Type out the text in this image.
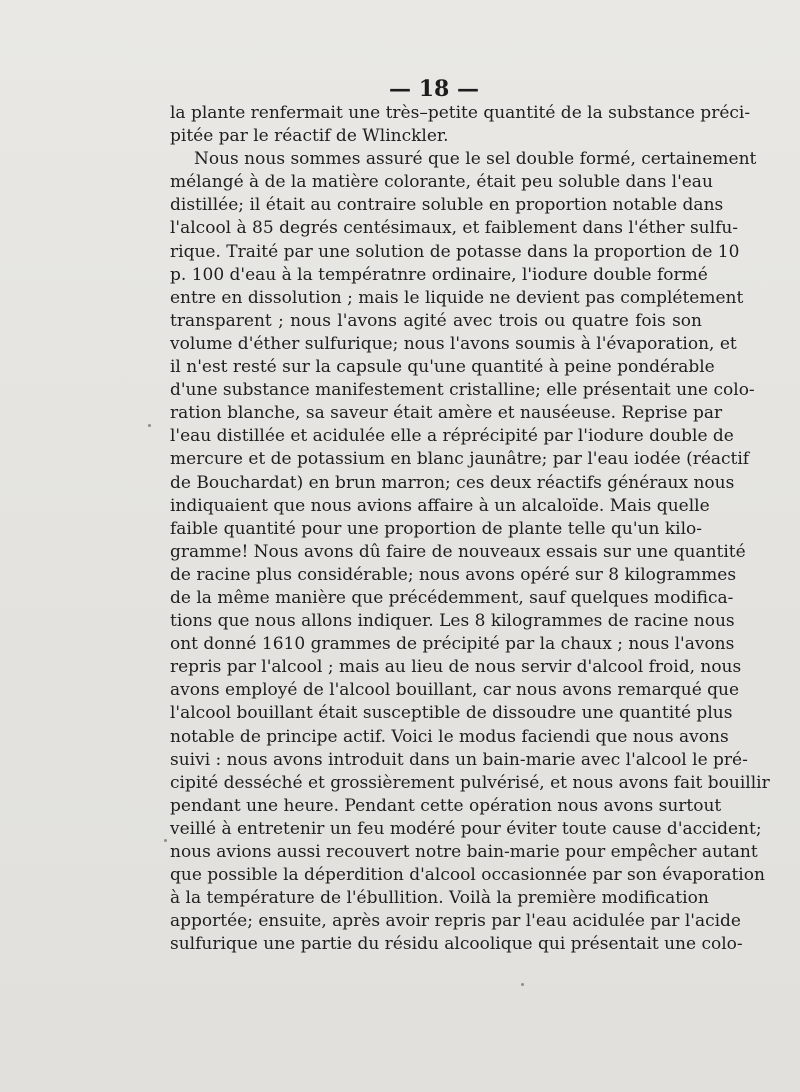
— 18 —
la plante renfermait une très–petite quantité de la substance préci-
pitée par le réactif de Wlinckler.
Nous nous sommes assuré que le sel double formé, certainement
mélangé à de la matière colorante, était peu soluble dans l'eau
distillée; il était au contraire soluble en proportion notable dans
l'alcool à 85 degrés centésimaux, et faiblement dans l'éther sulfu-
rique. Traité par une solution de potasse dans la proportion de 10
p. 100 d'eau à la températnre ordinaire, l'iodure double formé
entre en dissolution ; mais le liquide ne devient pas complétement
transparent ; nous l'avons agité avec trois ou quatre fois son
volume d'éther sulfurique; nous l'avons soumis à l'évaporation, et
il n'est resté sur la capsule qu'une quantité à peine pondérable
d'une substance manifestement cristalline; elle présentait une colo-
ration blanche, sa saveur était amère et nauséeuse. Reprise par
l'eau distillée et acidulée elle a réprécipité par l'iodure double de
mercure et de potassium en blanc jaunâtre; par l'eau iodée (réactif
de Bouchardat) en brun marron; ces deux réactifs généraux nous
indiquaient que nous avions affaire à un alcaloïde. Mais quelle
faible quantité pour une proportion de plante telle qu'un kilo-
gramme! Nous avons dû faire de nouveaux essais sur une quantité
de racine plus considérable; nous avons opéré sur 8 kilogrammes
de la même manière que précédemment, sauf quelques modifica-
tions que nous allons indiquer. Les 8 kilogrammes de racine nous
ont donné 1610 grammes de précipité par la chaux ; nous l'avons
repris par l'alcool ; mais au lieu de nous servir d'alcool froid, nous
avons employé de l'alcool bouillant, car nous avons remarqué que
l'alcool bouillant était susceptible de dissoudre une quantité plus
notable de principe actif. Voici le modus faciendi que nous avons
suivi : nous avons introduit dans un bain-marie avec l'alcool le pré-
cipité desséché et grossièrement pulvérisé, et nous avons fait bouillir
pendant une heure. Pendant cette opération nous avons surtout
veillé à entretenir un feu modéré pour éviter toute cause d'accident;
nous avions aussi recouvert notre bain-marie pour empêcher autant
que possible la déperdition d'alcool occasionnée par son évaporation
à la température de l'ébullition. Voilà la première modification
apportée; ensuite, après avoir repris par l'eau acidulée par l'acide
sulfurique une partie du résidu alcoolique qui présentait une colo-
